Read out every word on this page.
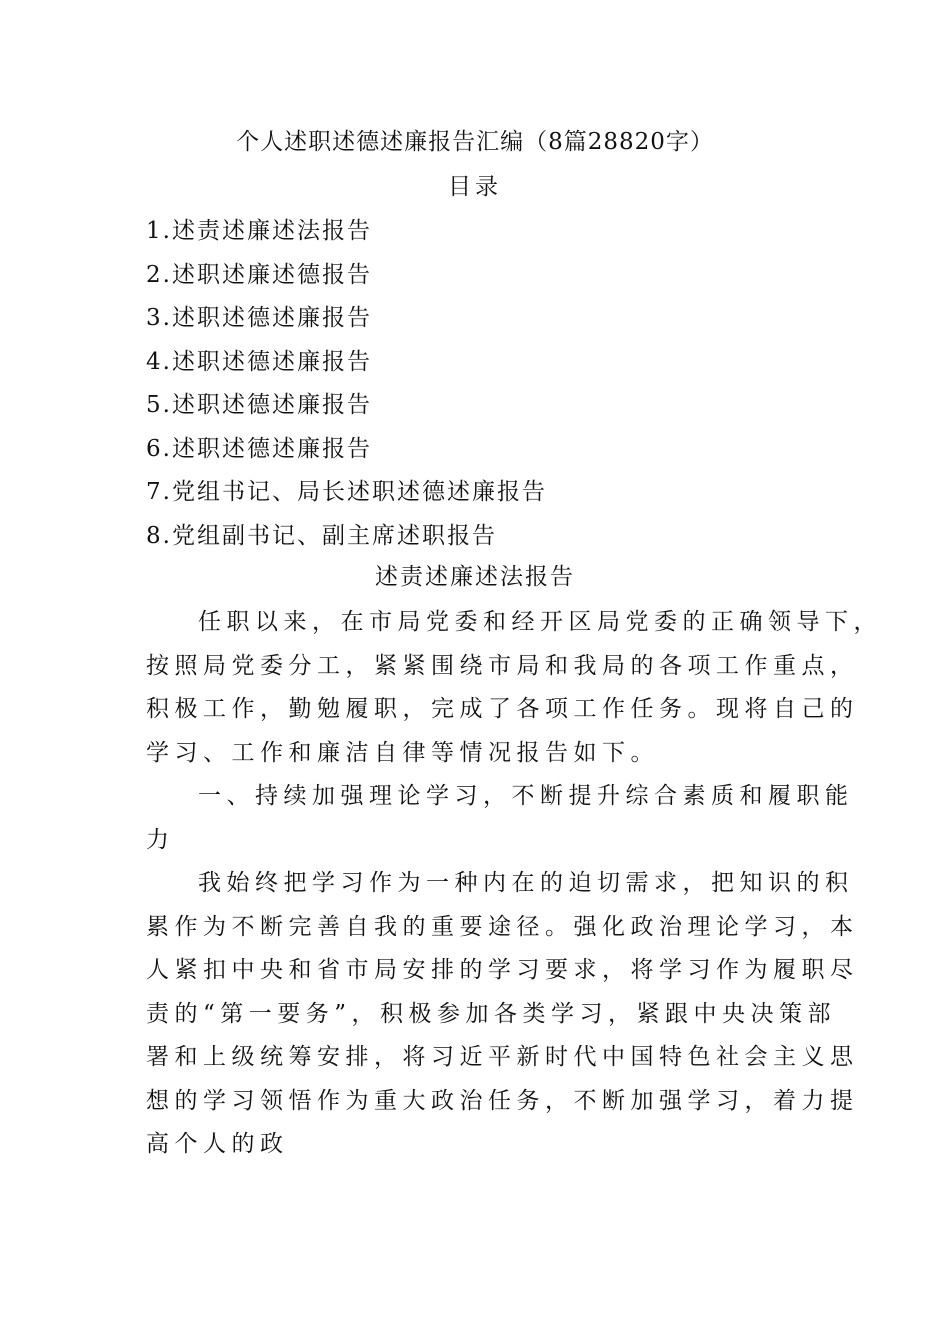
个人述职述德述廉报告汇编（8篇28820字）
目录
1.述责述廉述法报告
2.述职述廉述德报告
3.述职述德述廉报告
4.述职述德述廉报告
5.述职述德述廉报告
6.述职述德述廉报告
7.党组书记、局长述职述德述廉报告
8.党组副书记、副主席述职报告
述责述廉述法报告

任职以来，在市局党委和经开区局党委的正确领导下，
按照局党委分工，紧紧围绕市局和我局的各项工作重点，
积极工作，勤勉履职，完成了各项工作任务。现将自己的
学习、工作和廉洁自律等情况报告如下。

一、持续加强理论学习，不断提升综合素质和履职能
力

我始终把学习作为一种内在的迫切需求，把知识的积
累作为不断完善自我的重要途径。强化政治理论学习，本
人紧扣中央和省市局安排的学习要求，将学习作为履职尽
责的“第一要务”，积极参加各类学习，紧跟中央决策部
署和上级统筹安排，将习近平新时代中国特色社会主义思
想的学习领悟作为重大政治任务，不断加强学习，着力提
高个人的政
